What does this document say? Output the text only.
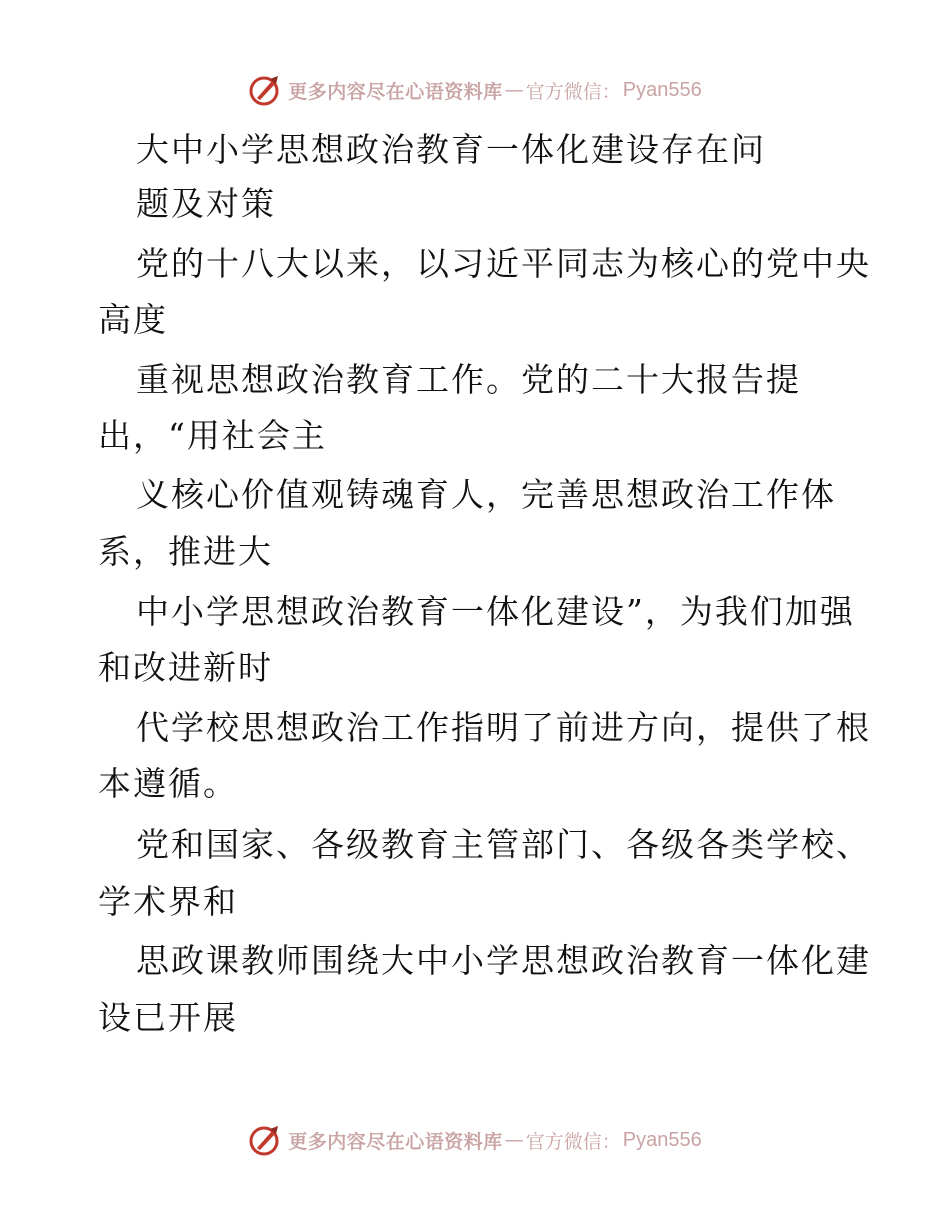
更多内容尽在心语资料库 — 官方微信： Pyan556
大中小学思想政治教育一体化建设存在问
题及对策
党的十八大以来，以习近平同志为核心的党中央
高度
重视思想政治教育工作。党的二十大报告提
出，“用社会主
义核心价值观铸魂育人，完善思想政治工作体
系，推进大
中小学思想政治教育一体化建设”，为我们加强
和改进新时
代学校思想政治工作指明了前进方向，提供了根
本遵循。
党和国家、各级教育主管部门、各级各类学校、
学术界和
思政课教师围绕大中小学思想政治教育一体化建
设已开展
更多内容尽在心语资料库 — 官方微信： Pyan556
